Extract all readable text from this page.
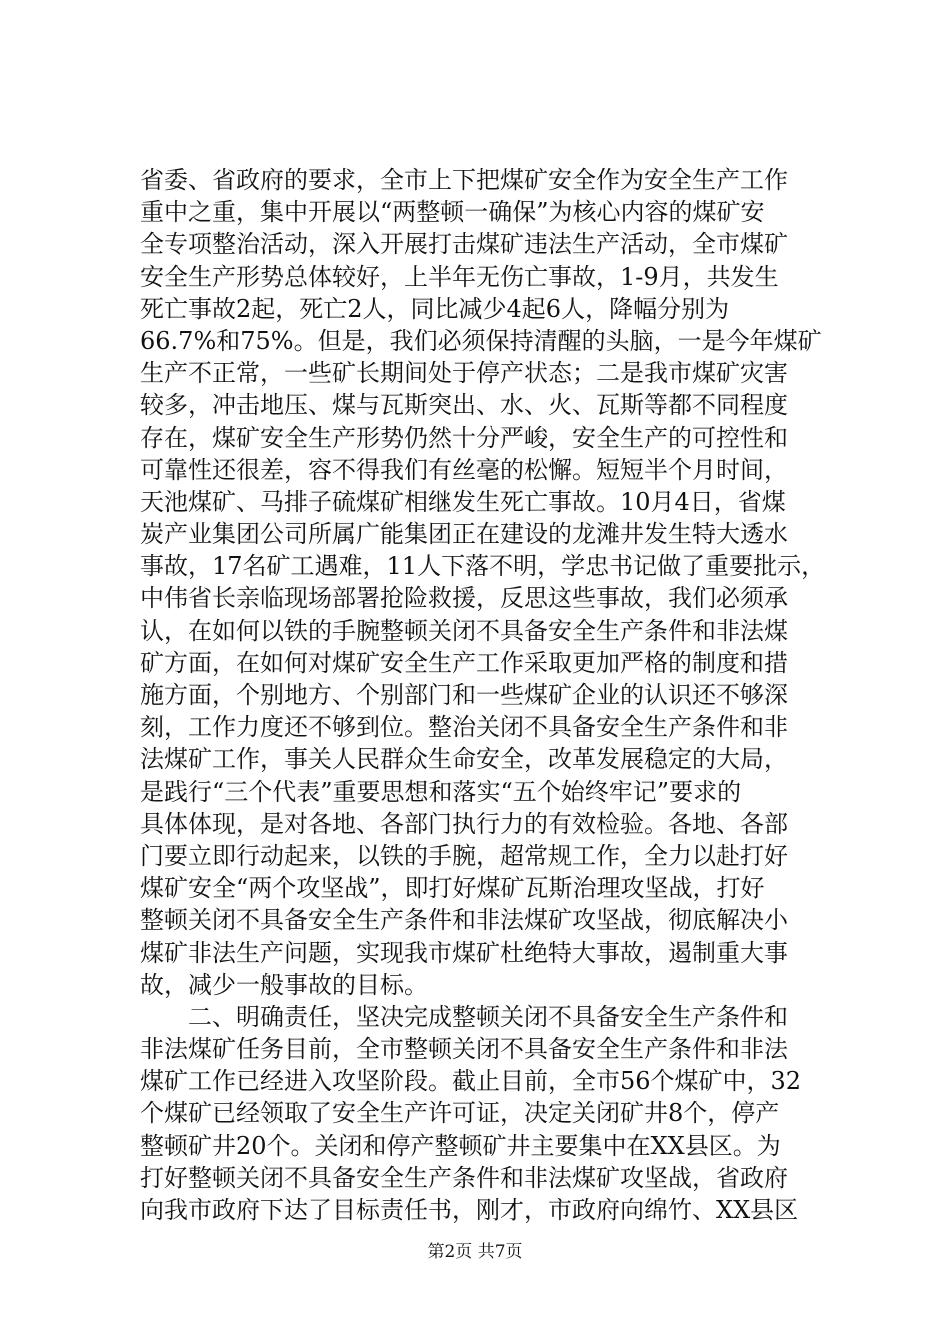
省委、省政府的要求，全市上下把煤矿安全作为安全生产工作
重中之重，集中开展以“两整顿一确保”为核心内容的煤矿安
全专项整治活动，深入开展打击煤矿违法生产活动，全市煤矿
安全生产形势总体较好，上半年无伤亡事故，1-9月，共发生
死亡事故2起，死亡2人，同比减少4起6人，降幅分别为
66.7%和75%。但是，我们必须保持清醒的头脑，一是今年煤矿
生产不正常，一些矿长期间处于停产状态；二是我市煤矿灾害
较多，冲击地压、煤与瓦斯突出、水、火、瓦斯等都不同程度
存在，煤矿安全生产形势仍然十分严峻，安全生产的可控性和
可靠性还很差，容不得我们有丝毫的松懈。短短半个月时间，
天池煤矿、马排子硫煤矿相继发生死亡事故。10月4日，省煤
炭产业集团公司所属广能集团正在建设的龙滩井发生特大透水
事故，17名矿工遇难，11人下落不明，学忠书记做了重要批示，
中伟省长亲临现场部署抢险救援，反思这些事故，我们必须承
认，在如何以铁的手腕整顿关闭不具备安全生产条件和非法煤
矿方面，在如何对煤矿安全生产工作采取更加严格的制度和措
施方面，个别地方、个别部门和一些煤矿企业的认识还不够深
刻，工作力度还不够到位。整治关闭不具备安全生产条件和非
法煤矿工作，事关人民群众生命安全，改革发展稳定的大局，
是践行“三个代表”重要思想和落实“五个始终牢记”要求的
具体体现，是对各地、各部门执行力的有效检验。各地、各部
门要立即行动起来，以铁的手腕，超常规工作，全力以赴打好
煤矿安全“两个攻坚战”，即打好煤矿瓦斯治理攻坚战，打好
整顿关闭不具备安全生产条件和非法煤矿攻坚战，彻底解决小
煤矿非法生产问题，实现我市煤矿杜绝特大事故，遏制重大事
故，减少一般事故的目标。
　　二、明确责任，坚决完成整顿关闭不具备安全生产条件和
非法煤矿任务目前，全市整顿关闭不具备安全生产条件和非法
煤矿工作已经进入攻坚阶段。截止目前，全市56个煤矿中，32
个煤矿已经领取了安全生产许可证，决定关闭矿井8个，停产
整顿矿井20个。关闭和停产整顿矿井主要集中在XX县区。为
打好整顿关闭不具备安全生产条件和非法煤矿攻坚战，省政府
向我市政府下达了目标责任书，刚才，市政府向绵竹、XX县区
第2页 共7页
